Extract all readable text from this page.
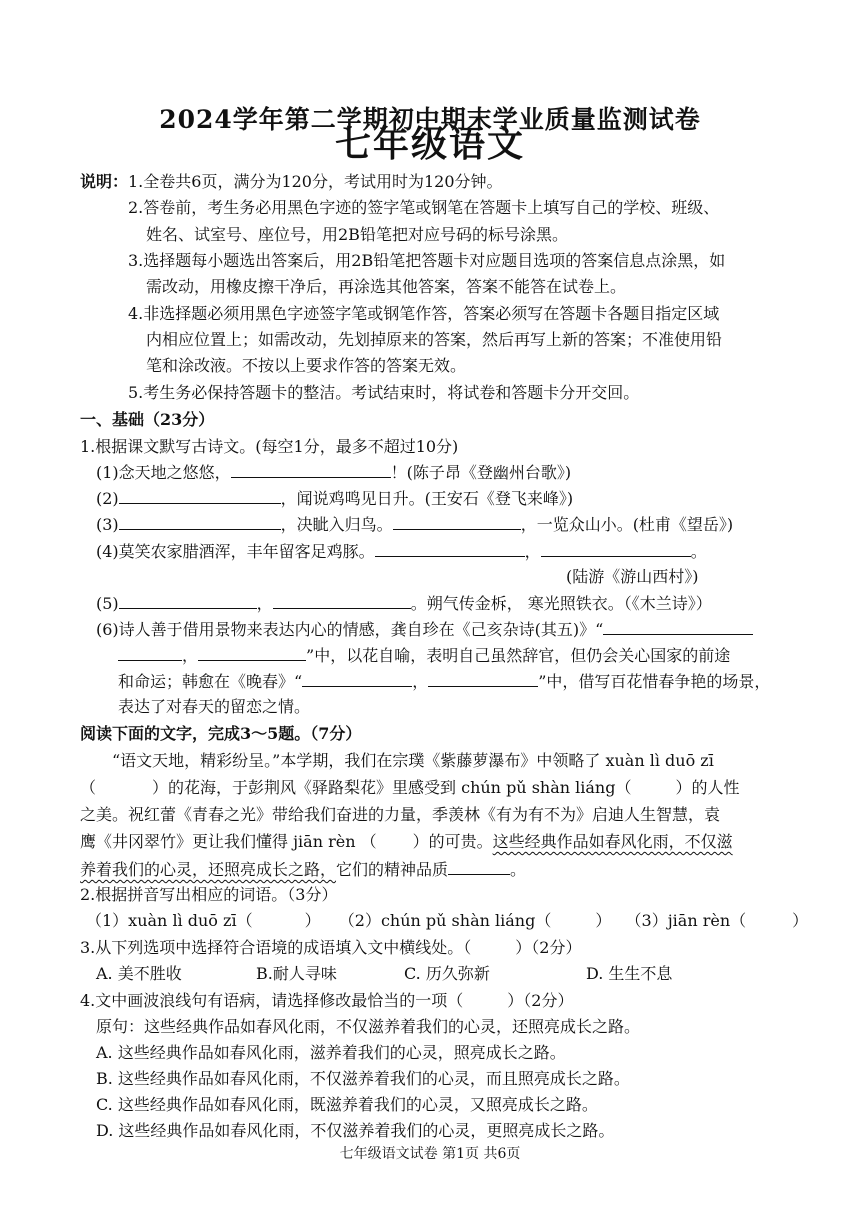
2024学年第二学期初中期末学业质量监测试卷
七年级语文
说明： 1.全卷共6页，满分为120分，考试用时为120分钟。
2.答卷前，考生务必用黑色字迹的签字笔或钢笔在答题卡上填写自己的学校、班级、
姓名、试室号、座位号，用2B铅笔把对应号码的标号涂黑。
3.选择题每小题选出答案后，用2B铅笔把答题卡对应题目选项的答案信息点涂黑，如
需改动，用橡皮擦干净后，再涂选其他答案，答案不能答在试卷上。
4.非选择题必须用黑色字迹签字笔或钢笔作答，答案必须写在答题卡各题目指定区域
内相应位置上；如需改动，先划掉原来的答案，然后再写上新的答案；不准使用铅
笔和涂改液。不按以上要求作答的答案无效。
5.考生务必保持答题卡的整洁。考试结束时，将试卷和答题卡分开交回。
一、基础（23分）
1.根据课文默写古诗文。(每空1分，最多不超过10分)
(1)念天地之悠悠，	！(陈子昂《登幽州台歌》)
(2)	，闻说鸡鸣见日升。(王安石《登飞来峰》)
(3)	，决眦入归鸟。	，一览众山小。(杜甫《望岳》)
(4)莫笑农家腊酒浑，丰年留客足鸡豚。	，	。
(陆游《游山西村》)
(5)	，	。朔气传金柝， 寒光照铁衣。（《木兰诗》）
(6)诗人善于借用景物来表达内心的情感，龚自珍在《己亥杂诗(其五)》“
，	”中，以花自喻，表明自己虽然辞官，但仍会关心国家的前途
和命运；韩愈在《晚春》“	，	”中，借写百花惜春争艳的场景，
表达了对春天的留恋之情。
阅读下面的文字，完成3～5题。（7分）
“语文天地，精彩纷呈。”本学期，我们在宗璞《紫藤萝瀑布》中领略了 xuàn lì duō zī
（	）的花海，于彭荆风《驿路梨花》里感受到 chún pǔ shàn liáng（	）的人性
之美。祝红蕾《青春之光》带给我们奋进的力量，季羡林《有为有不为》启迪人生智慧，袁
鹰《井冈翠竹》更让我们懂得 jiān rèn （ ）的可贵。这些经典作品如春风化雨，不仅滋
养着我们的心灵，还照亮成长之路，它们的精神品质	。
2.根据拼音写出相应的词语。（3分）
（1）xuàn lì duō zī（	） （2）chún pǔ shàn liáng（	） （3）jiān rèn（	）
3.从下列选项中选择符合语境的成语填入文中横线处。（	）（2分）
A. 美不胜收	B.耐人寻味	C. 历久弥新	D. 生生不息
4.文中画波浪线句有语病，请选择修改最恰当的一项（	）（2分）
原句：这些经典作品如春风化雨，不仅滋养着我们的心灵，还照亮成长之路。
A. 这些经典作品如春风化雨，滋养着我们的心灵，照亮成长之路。
B. 这些经典作品如春风化雨，不仅滋养着我们的心灵，而且照亮成长之路。
C. 这些经典作品如春风化雨，既滋养着我们的心灵，又照亮成长之路。
D. 这些经典作品如春风化雨，不仅滋养着我们的心灵，更照亮成长之路。
七年级语文试卷 第1页 共6页
